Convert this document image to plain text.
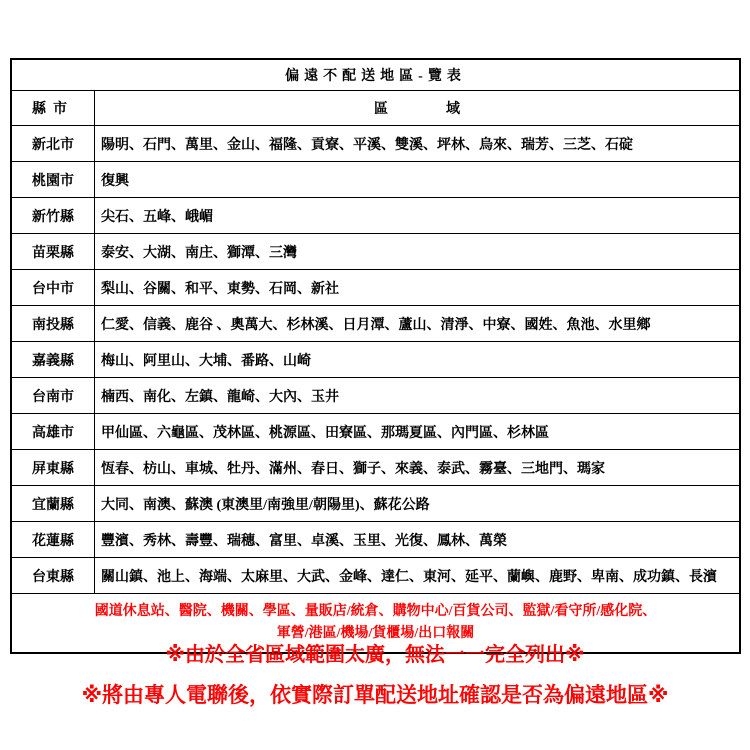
偏遠不配送地區-覽表	
縣市	區域
新北市	陽明、石門、萬里、金山、福隆、貢寮、平溪、雙溪、坪林、烏來、瑞芳、三芝、石碇
桃園市	復興
新竹縣	尖石、五峰、峨嵋
苗栗縣	泰安、大湖、南庄、獅潭、三灣
台中市	梨山、谷關、和平、東勢、石岡、新社
南投縣	仁愛、信義、鹿谷 、奧萬大、杉林溪、日月潭、蘆山、清淨、中寮、國姓、魚池、水里鄉
嘉義縣	梅山、阿里山、大埔、番路、山崎
台南市	楠西、南化、左鎮、龍崎、大內、玉井
高雄市	甲仙區、六龜區、茂林區、桃源區、田寮區、那瑪夏區、內門區、杉林區
屏東縣	恆春、枋山、車城、牡丹、滿州、春日、獅子、來義、泰武、霧臺、三地門、瑪家
宜蘭縣	大同、南澳、蘇澳 (東澳里/南強里/朝陽里)、蘇花公路
花蓮縣	豐濱、秀林、壽豐、瑞穗、富里、卓溪、玉里、光復、鳳林、萬榮
台東縣	關山鎮、池上、海端、太麻里、大武、金峰、達仁、東河、延平、蘭嶼、鹿野、卑南、成功鎮、長濱

國道休息站、醫院、機關、學區、量販店/統倉、購物中心/百貨公司、監獄/看守所/感化院、
軍營/港區/機場/貨櫃場/出口報關	
※由於全省區域範圍太廣，無法一一完全列出※
※將由專人電聯後，依實際訂單配送地址確認是否為偏遠地區※
